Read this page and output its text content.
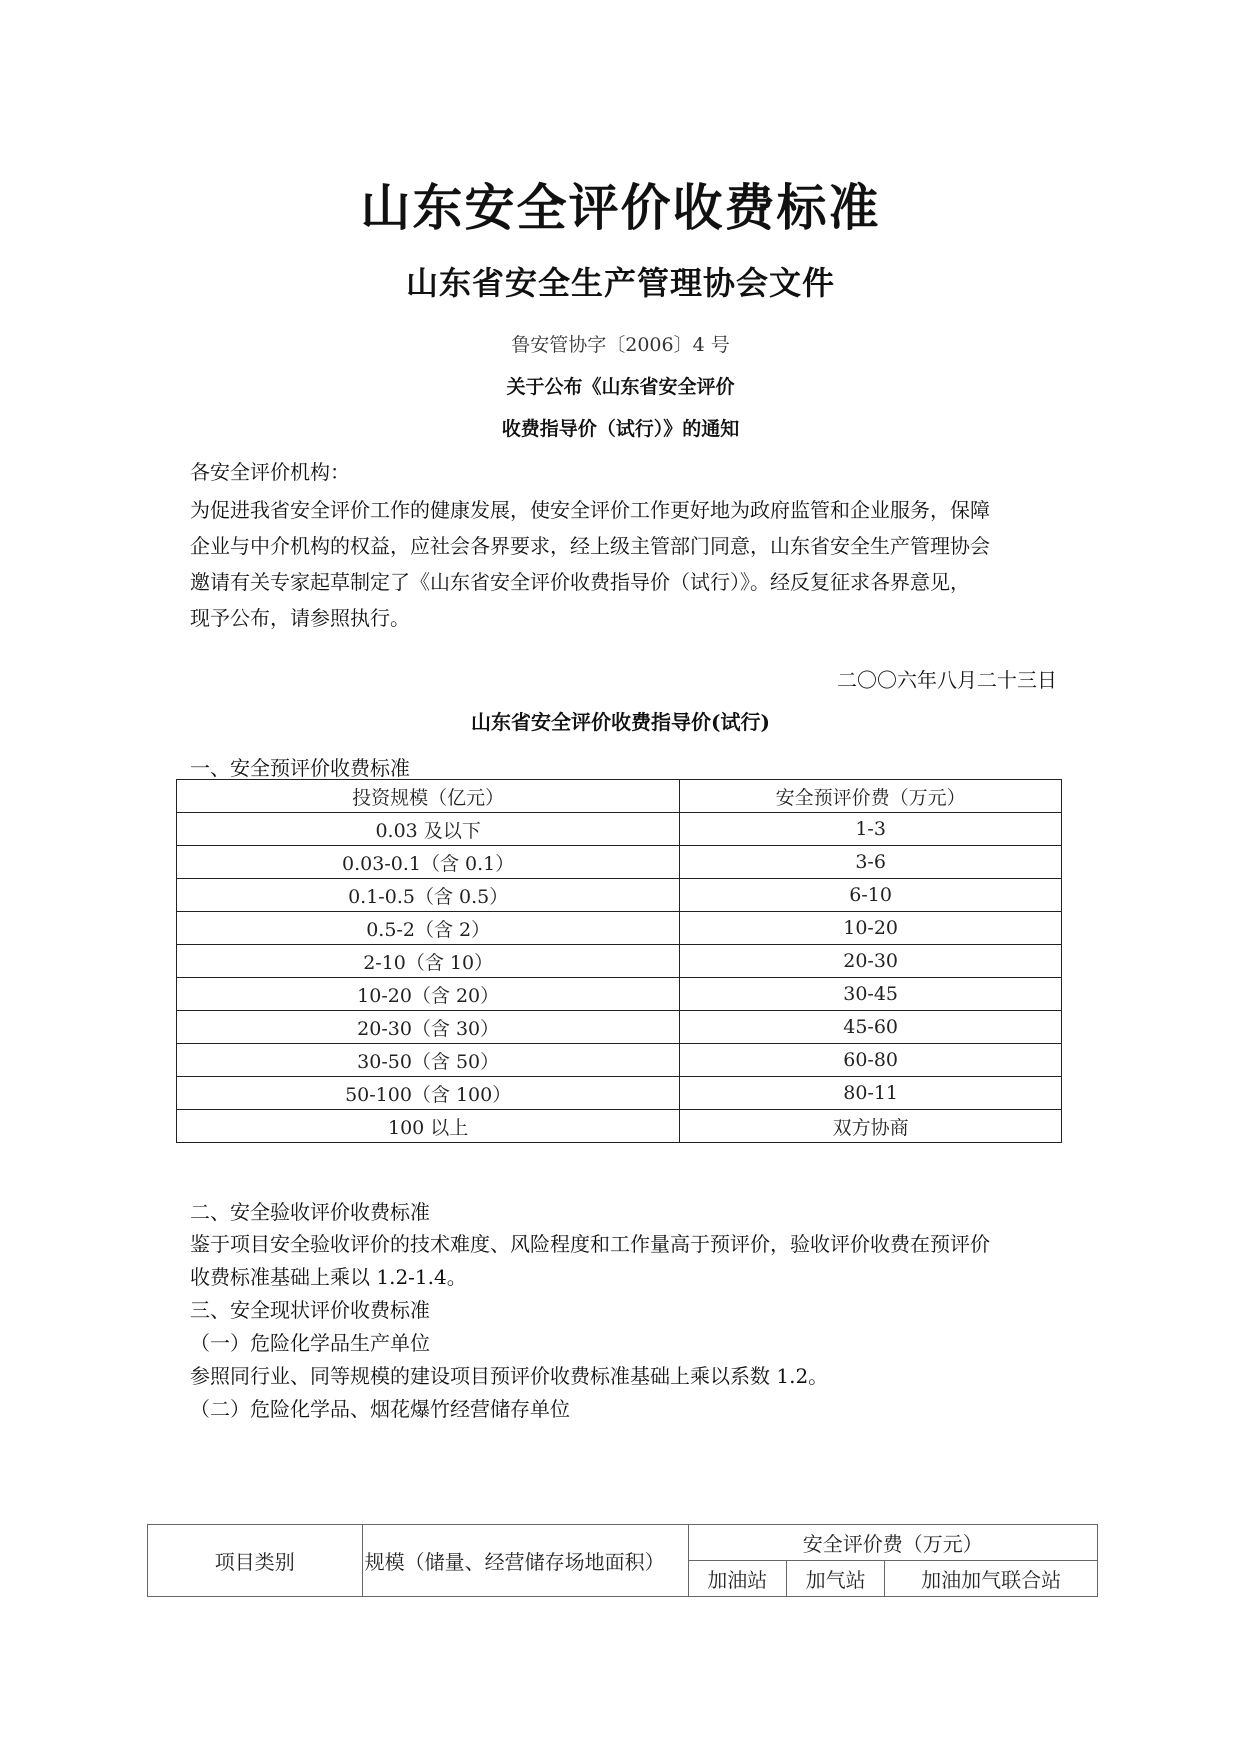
山东安全评价收费标准
山东省安全生产管理协会文件
鲁安管协字〔2006〕4 号
关于公布《山东省安全评价
收费指导价（试行）》的通知
各安全评价机构：
为促进我省安全评价工作的健康发展，使安全评价工作更好地为政府监管和企业服务，保障
企业与中介机构的权益，应社会各界要求，经上级主管部门同意，山东省安全生产管理协会
邀请有关专家起草制定了《山东省安全评价收费指导价（试行）》。经反复征求各界意见，
现予公布，请参照执行。
二〇〇六年八月二十三日
山东省安全评价收费指导价(试行)
一、安全预评价收费标准
投资规模（亿元）	安全预评价费（万元）
0.03 及以下	1-3
0.03-0.1（含 0.1）	3-6
0.1-0.5（含 0.5）	6-10
0.5-2（含 2）	10-20
2-10（含 10）	20-30
10-20（含 20）	30-45
20-30（含 30）	45-60
30-50（含 50）	60-80
50-100（含 100）	80-11
100 以上	双方协商
二、安全验收评价收费标准
鉴于项目安全验收评价的技术难度、风险程度和工作量高于预评价，验收评价收费在预评价
收费标准基础上乘以 1.2-1.4。
三、安全现状评价收费标准
（一）危险化学品生产单位
参照同行业、同等规模的建设项目预评价收费标准基础上乘以系数 1.2。
（二）危险化学品、烟花爆竹经营储存单位
项目类别	规模（储量、经营储存场地面积）	安全评价费（万元）		
		加油站	加气站	加油加气联合站
